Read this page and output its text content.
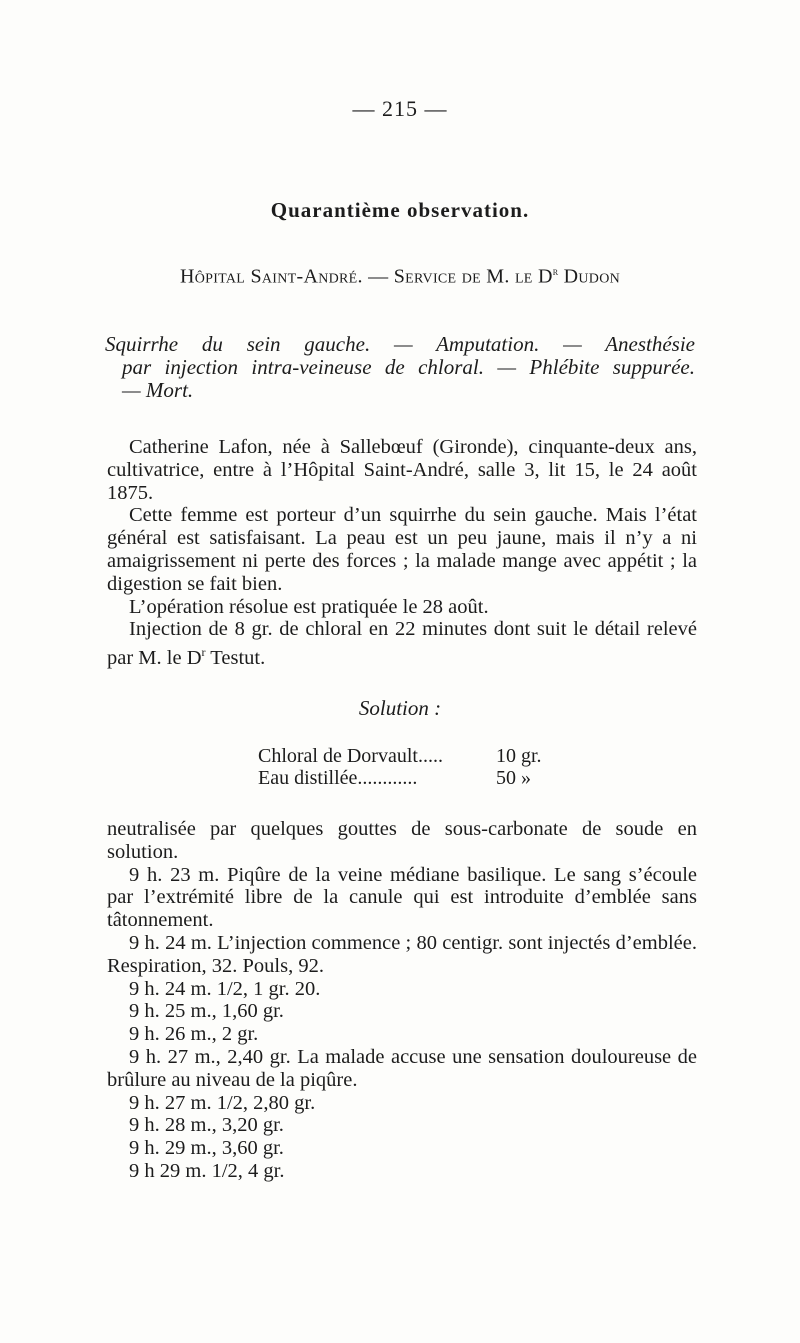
— 215 —
Quarantième observation.
Hôpital Saint-André. — Service de M. le $D^r$ Dudon

Squirrhe du sein gauche. — Amputation. — Anesthésie

par injection intra-veineuse de chloral. — Phlébite suppurée.

— Mort.

Catherine Lafon, née à Sallebœuf (Gironde), cinquante-deux ans, cultivatrice, entre à l’Hôpital Saint-André, salle 3, lit 15, le 24 août 1875.

Cette femme est porteur d’un squirrhe du sein gauche. Mais l’état général est satisfaisant. La peau est un peu jaune, mais il n’y a ni amaigrissement ni perte des forces ; la malade mange avec appétit ; la digestion se fait bien.

L’opération résolue est pratiquée le 28 août.

Injection de 8 gr. de chloral en 22 minutes dont suit le détail relevé par M. le $D^r$ Testut.

Solution :
Chloral de Dorvault.....	10 gr.
Eau distillée............	50 »

neutralisée par quelques gouttes de sous-carbonate de soude en solution.

9 h. 23 m. Piqûre de la veine médiane basilique. Le sang s’écoule par l’extrémité libre de la canule qui est introduite d’emblée sans tâtonnement.

9 h. 24 m. L’injection commence ; 80 centigr. sont injectés d’emblée. Respiration, 32. Pouls, 92.

9 h. 24 m. 1/2, 1 gr. 20.

9 h. 25 m., 1,60 gr.

9 h. 26 m., 2 gr.

9 h. 27 m., 2,40 gr. La malade accuse une sensation douloureuse de brûlure au niveau de la piqûre.

9 h. 27 m. 1/2, 2,80 gr.

9 h. 28 m., 3,20 gr.

9 h. 29 m., 3,60 gr.

9 h 29 m. 1/2, 4 gr.
